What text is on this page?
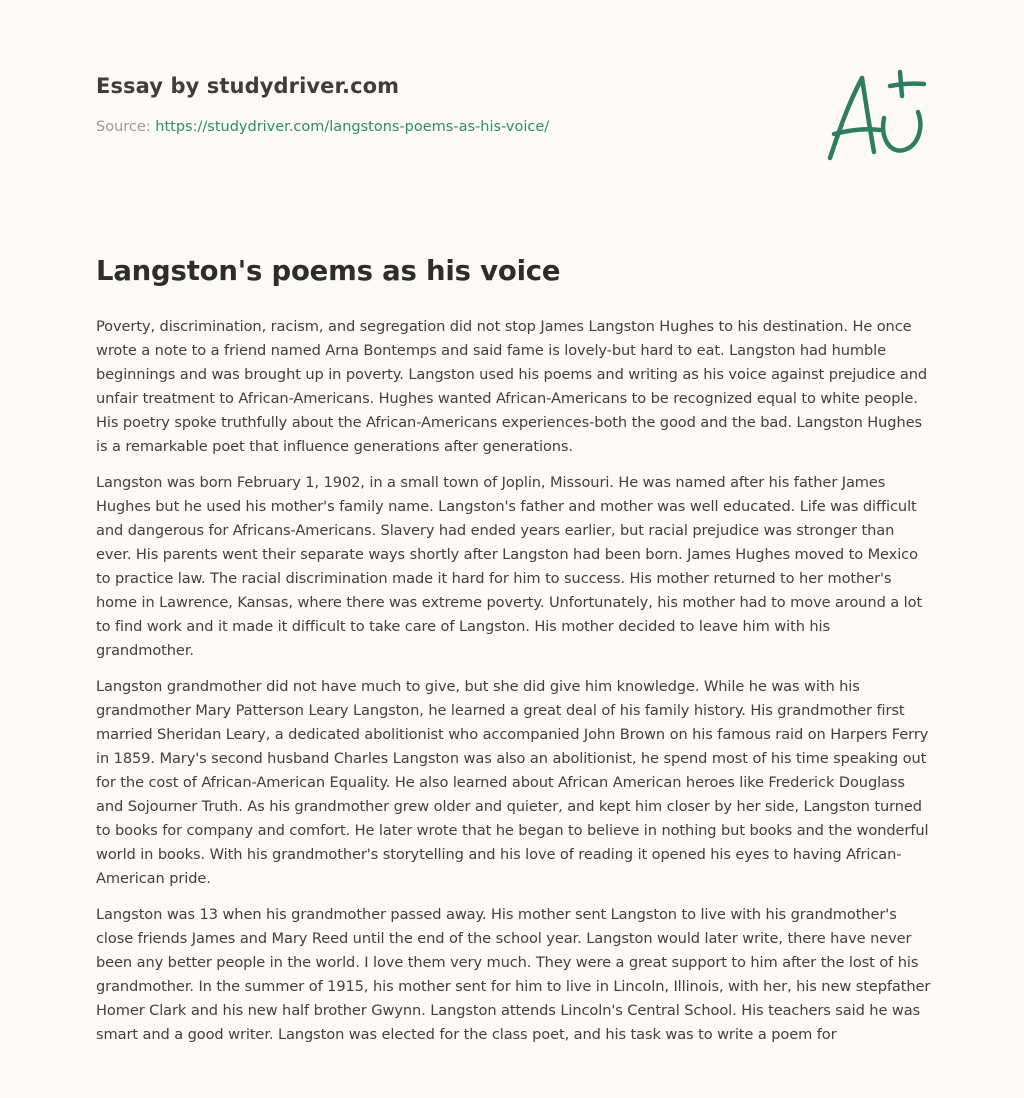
Essay by studydriver.com
Source: https://studydriver.com/langstons-poems-as-his-voice/
Langston's poems as his voice

Poverty, discrimination, racism, and segregation did not stop James Langston Hughes to his destination. He once wrote a note to a friend named Arna Bontemps and said fame is lovely-but hard to eat. Langston had humble beginnings and was brought up in poverty. Langston used his poems and writing as his voice against prejudice and unfair treatment to African-Americans. Hughes wanted African-Americans to be recognized equal to white people. His poetry spoke truthfully about the African-Americans experiences-both the good and the bad. Langston Hughes is a remarkable poet that influence generations after generations.

Langston was born February 1, 1902, in a small town of Joplin, Missouri. He was named after his father James Hughes but he used his mother's family name. Langston's father and mother was well educated. Life was difficult and dangerous for Africans-Americans. Slavery had ended years earlier, but racial prejudice was stronger than ever. His parents went their separate ways shortly after Langston had been born. James Hughes moved to Mexico to practice law. The racial discrimination made it hard for him to success. His mother returned to her mother's home in Lawrence, Kansas, where there was extreme poverty. Unfortunately, his mother had to move around a lot to find work and it made it difficult to take care of Langston. His mother decided to leave him with his grandmother.

Langston grandmother did not have much to give, but she did give him knowledge. While he was with his grandmother Mary Patterson Leary Langston, he learned a great deal of his family history. His grandmother first married Sheridan Leary, a dedicated abolitionist who accompanied John Brown on his famous raid on Harpers Ferry in 1859. Mary's second husband Charles Langston was also an abolitionist, he spend most of his time speaking out for the cost of African-American Equality. He also learned about African American heroes like Frederick Douglass and Sojourner Truth. As his grandmother grew older and quieter, and kept him closer by her side, Langston turned to books for company and comfort. He later wrote that he began to believe in nothing but books and the wonderful world in books. With his grandmother's storytelling and his love of reading it opened his eyes to having African-American pride.

Langston was 13 when his grandmother passed away. His mother sent Langston to live with his grandmother's close friends James and Mary Reed until the end of the school year. Langston would later write, there have never been any better people in the world. I love them very much. They were a great support to him after the lost of his grandmother. In the summer of 1915, his mother sent for him to live in Lincoln, Illinois, with her, his new stepfather Homer Clark and his new half brother Gwynn. Langston attends Lincoln's Central School. His teachers said he was smart and a good writer. Langston was elected for the class poet, and his task was to write a poem for
